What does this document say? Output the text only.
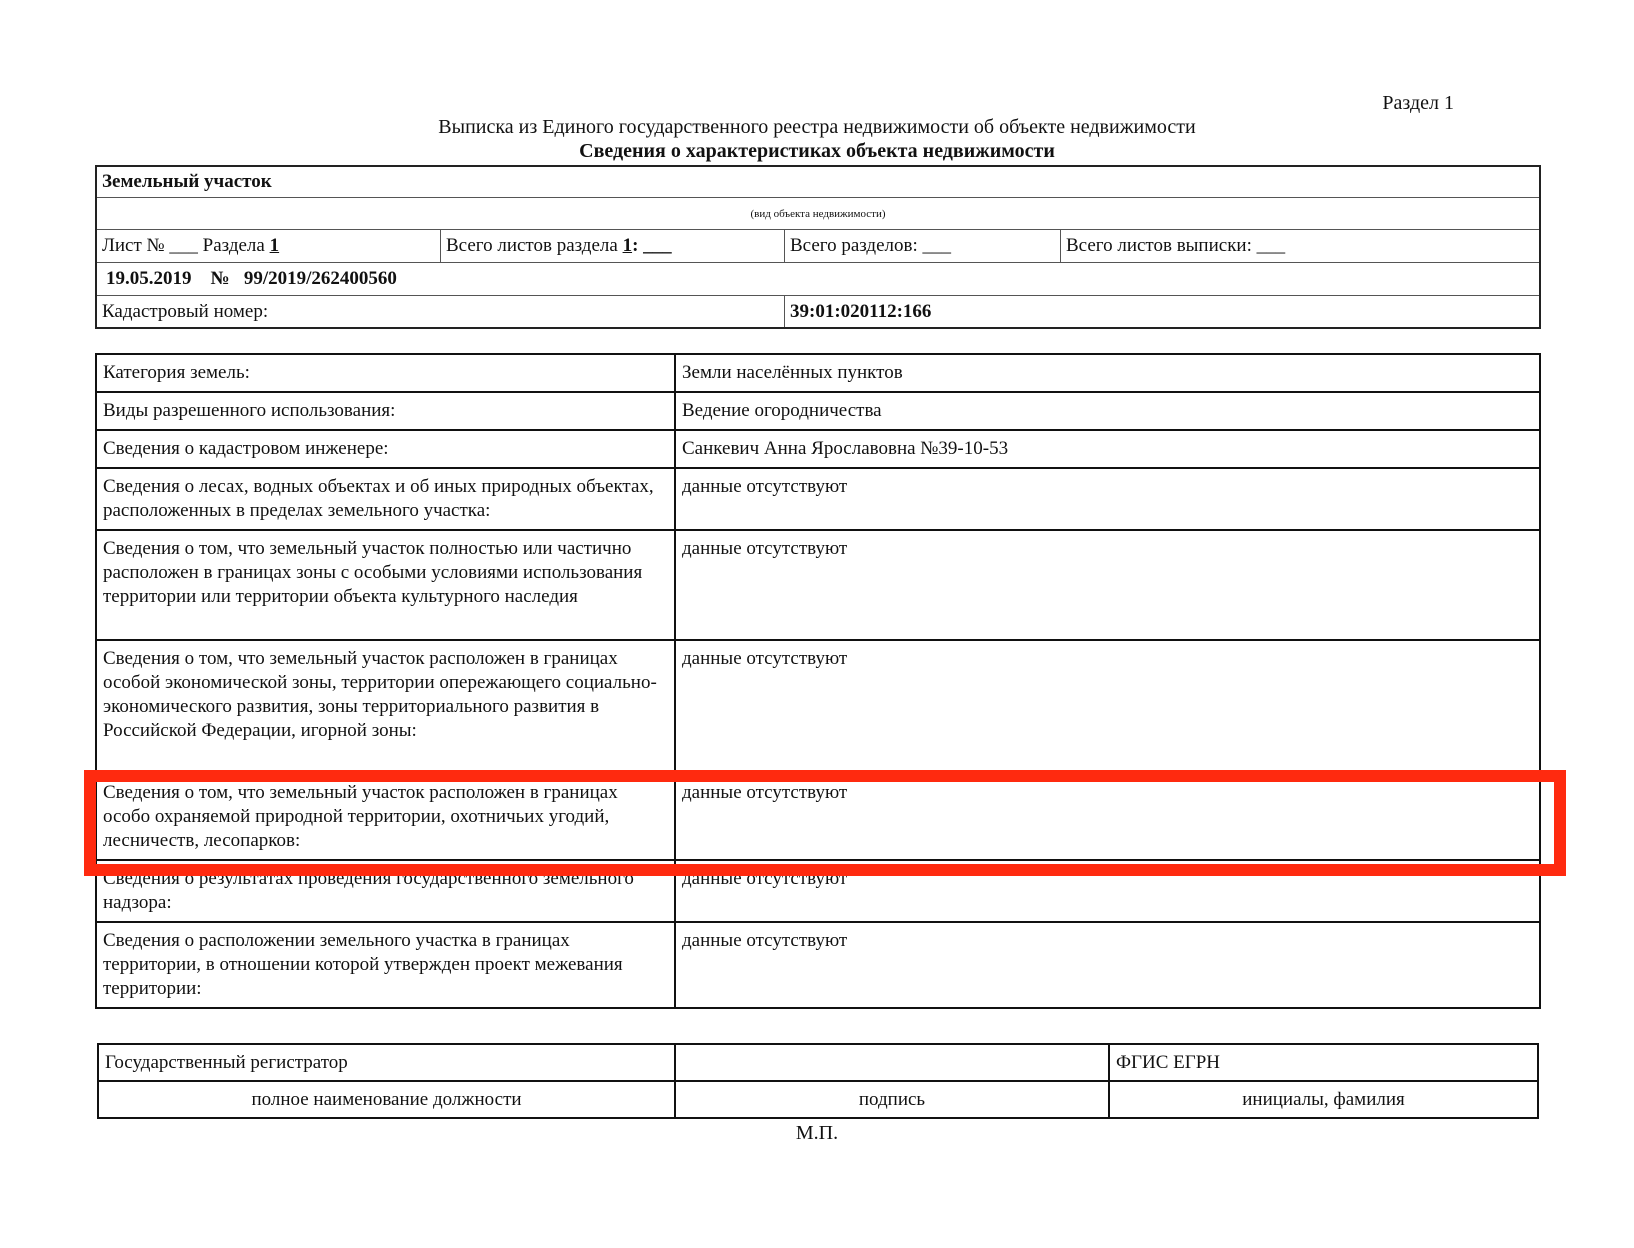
Раздел 1
Выписка из Единого государственного реестра недвижимости об объекте недвижимости
Сведения о характеристиках объекта недвижимости
Земельный участок			
(вид объекта недвижимости)			
Лист № ___ Раздела 1	Всего листов раздела 1: ___	Всего разделов: ___	Всего листов выписки: ___
19.05.2019 № 99/2019/262400560			
Кадастровый номер:		39:01:020112:166	
Категория земель:	Земли населённых пунктов
Виды разрешенного использования:	Ведение огородничества
Сведения о кадастровом инженере:	Санкевич Анна Ярославовна №39-10-53
Сведения о лесах, водных объектах и об иных природных объектах, расположенных в пределах земельного участка:	данные отсутствуют
Сведения о том, что земельный участок полностью или частично расположен в границах зоны с особыми условиями использования территории или территории объекта культурного наследия	данные отсутствуют
Сведения о том, что земельный участок расположен в границах особой экономической зоны, территории опережающего социально-экономического развития, зоны территориального развития в Российской Федерации, игорной зоны:	данные отсутствуют
Сведения о том, что земельный участок расположен в границах особо охраняемой природной территории, охотничьих угодий, лесничеств, лесопарков:	данные отсутствуют
Сведения о результатах проведения государственного земельного надзора:	данные отсутствуют
Сведения о расположении земельного участка в границах территории, в отношении которой утвержден проект межевания территории:	данные отсутствуют
Государственный регистратор		ФГИС ЕГРН
полное наименование должности	подпись	инициалы, фамилия
М.П.
